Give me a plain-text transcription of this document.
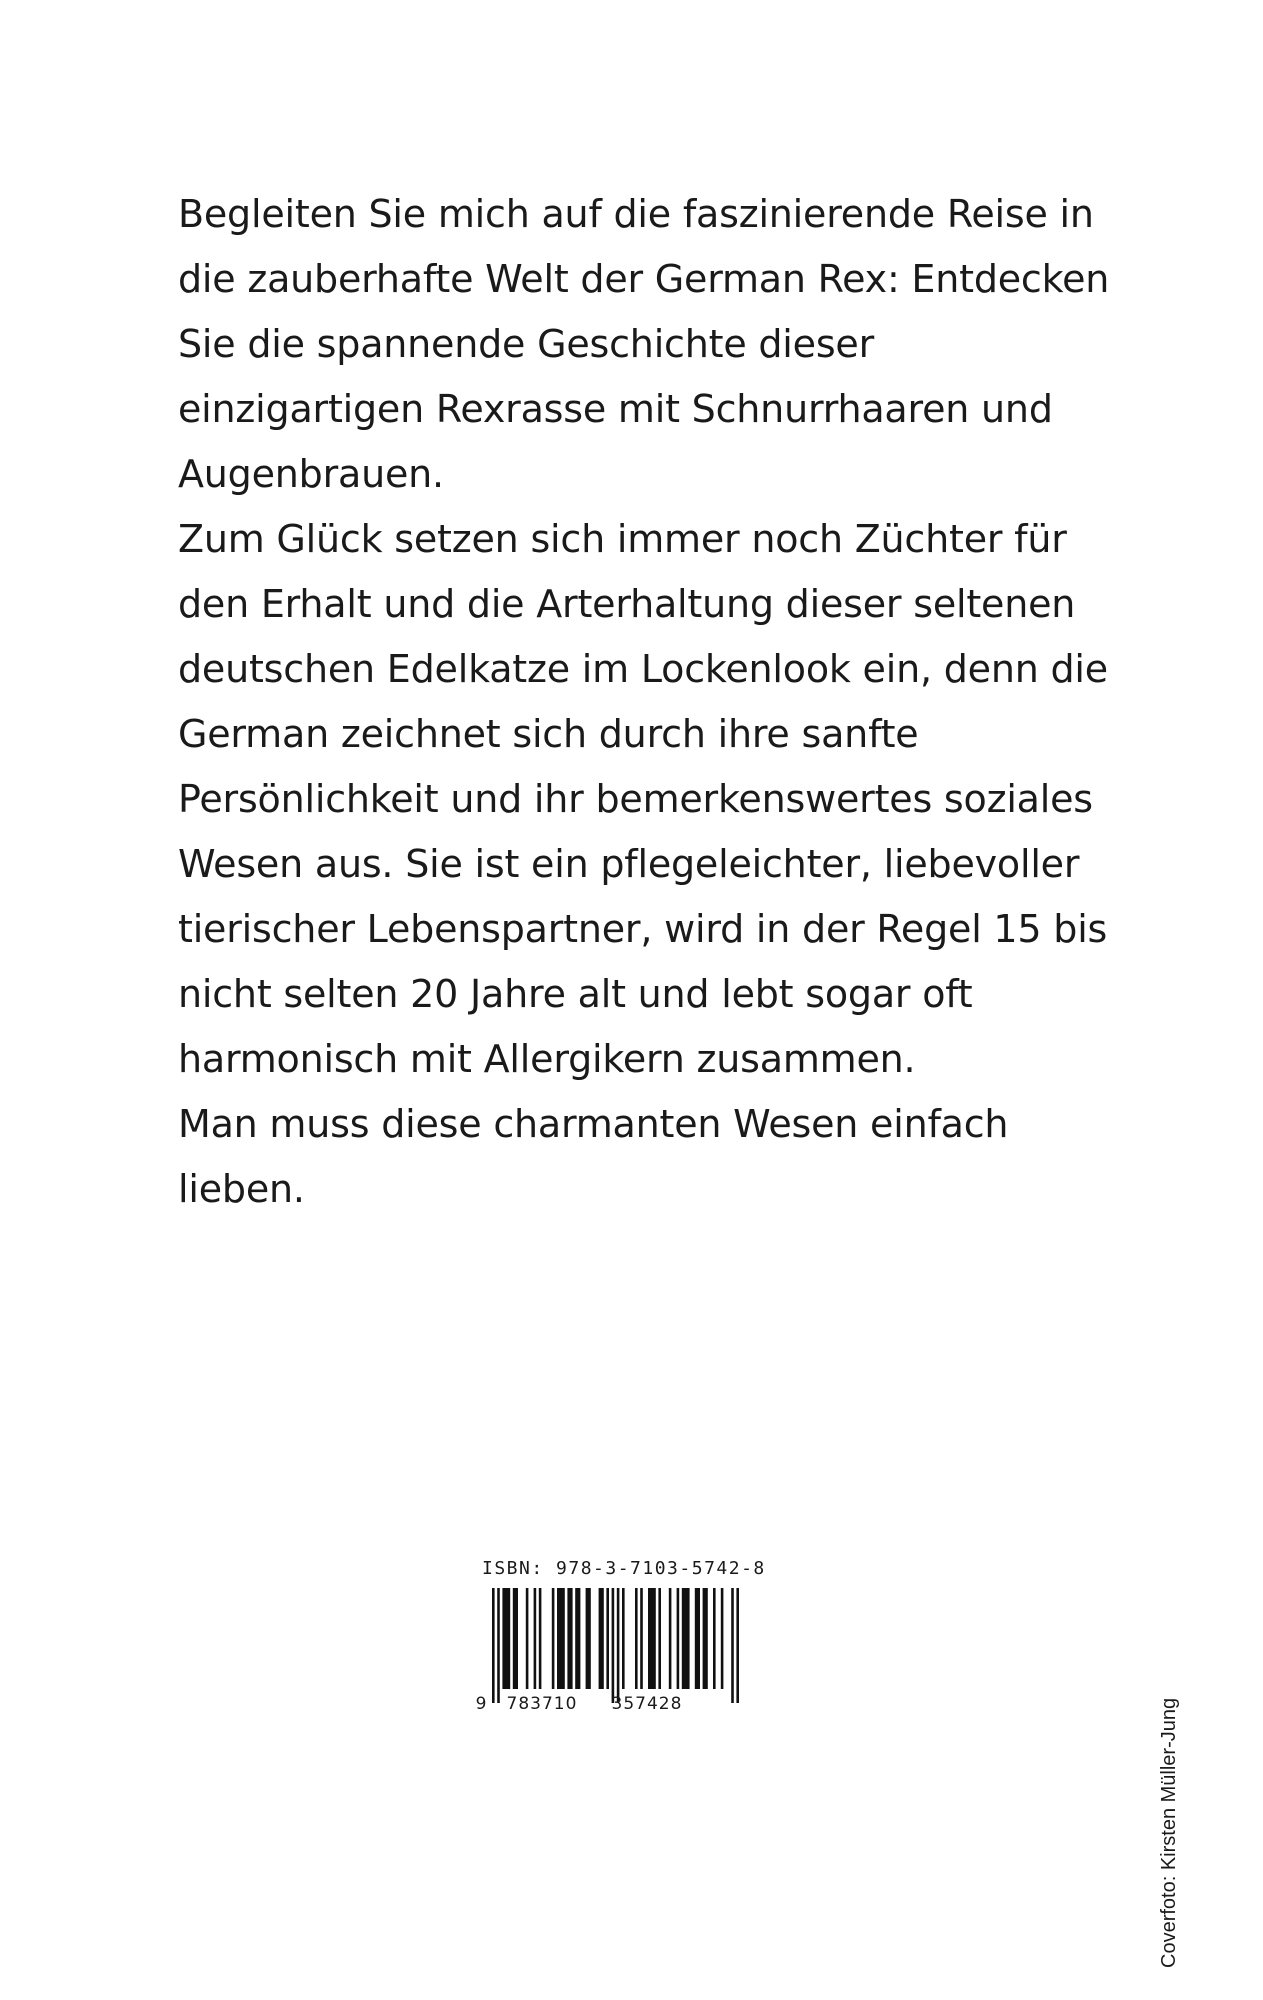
Begleiten Sie mich auf die faszinierende Reise in
die zauberhafte Welt der German Rex: Entdecken
Sie die spannende Geschichte dieser
einzigartigen Rexrasse mit Schnurrhaaren und
Augenbrauen.
Zum Glück setzen sich immer noch Züchter für
den Erhalt und die Arterhaltung dieser seltenen
deutschen Edelkatze im Lockenlook ein, denn die
German zeichnet sich durch ihre sanfte
Persönlichkeit und ihr bemerkenswertes soziales
Wesen aus. Sie ist ein pflegeleichter, liebevoller
tierischer Lebenspartner, wird in der Regel 15 bis
nicht selten 20 Jahre alt und lebt sogar oft
harmonisch mit Allergikern zusammen.
Man muss diese charmanten Wesen einfach
lieben.
ISBN: 978-3-7103-5742-8
9 783710 357428	Coverfoto: Kirsten Müller-Jung
